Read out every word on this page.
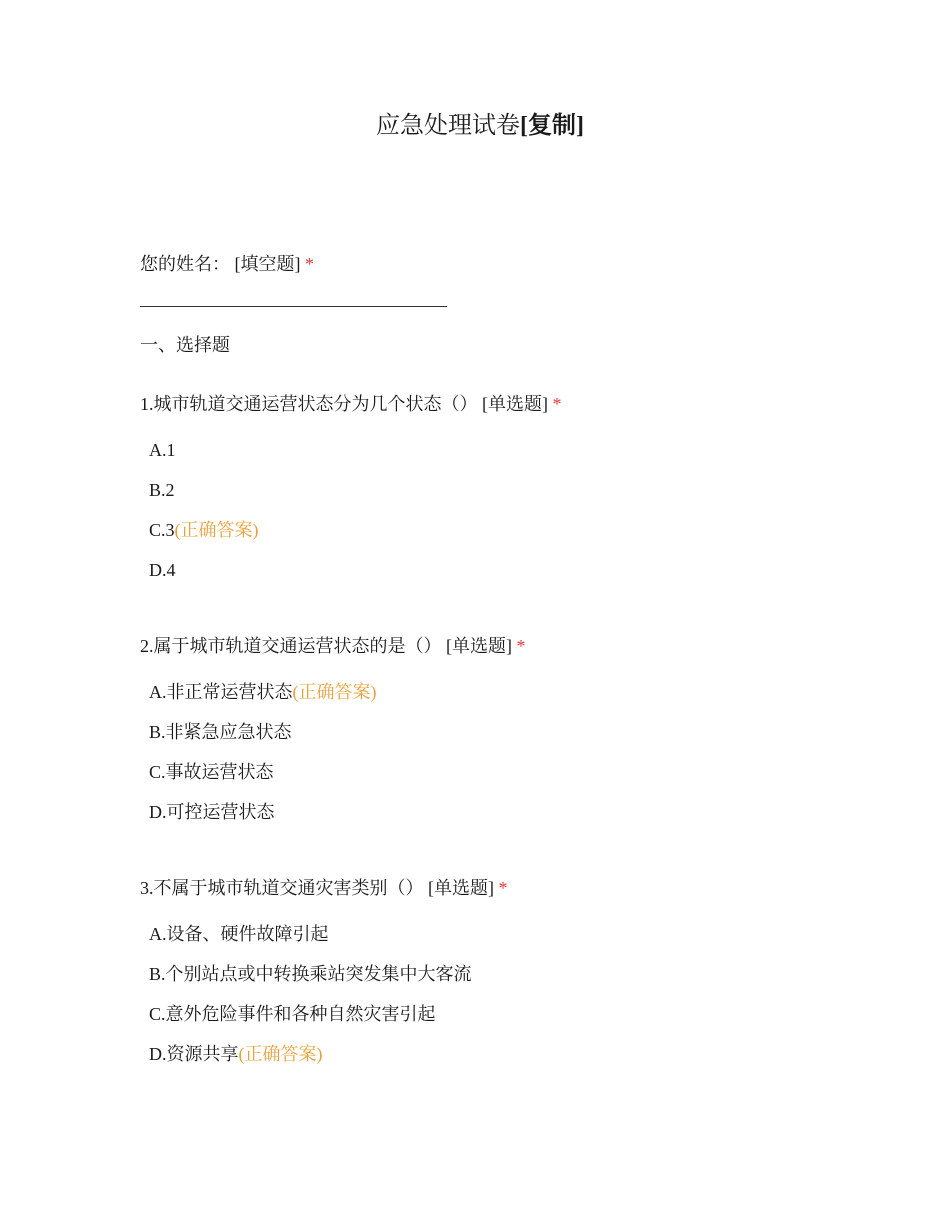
应急处理试卷[复制]
您的姓名： [填空题] *
一、选择题
1.城市轨道交通运营状态分为几个状态（） [单选题] *
A.1
B.2
C.3(正确答案)
D.4
2.属于城市轨道交通运营状态的是（） [单选题] *
A.非正常运营状态(正确答案)
B.非紧急应急状态
C.事故运营状态
D.可控运营状态
3.不属于城市轨道交通灾害类别（） [单选题] *
A.设备、硬件故障引起
B.个别站点或中转换乘站突发集中大客流
C.意外危险事件和各种自然灾害引起
D.资源共享(正确答案)
